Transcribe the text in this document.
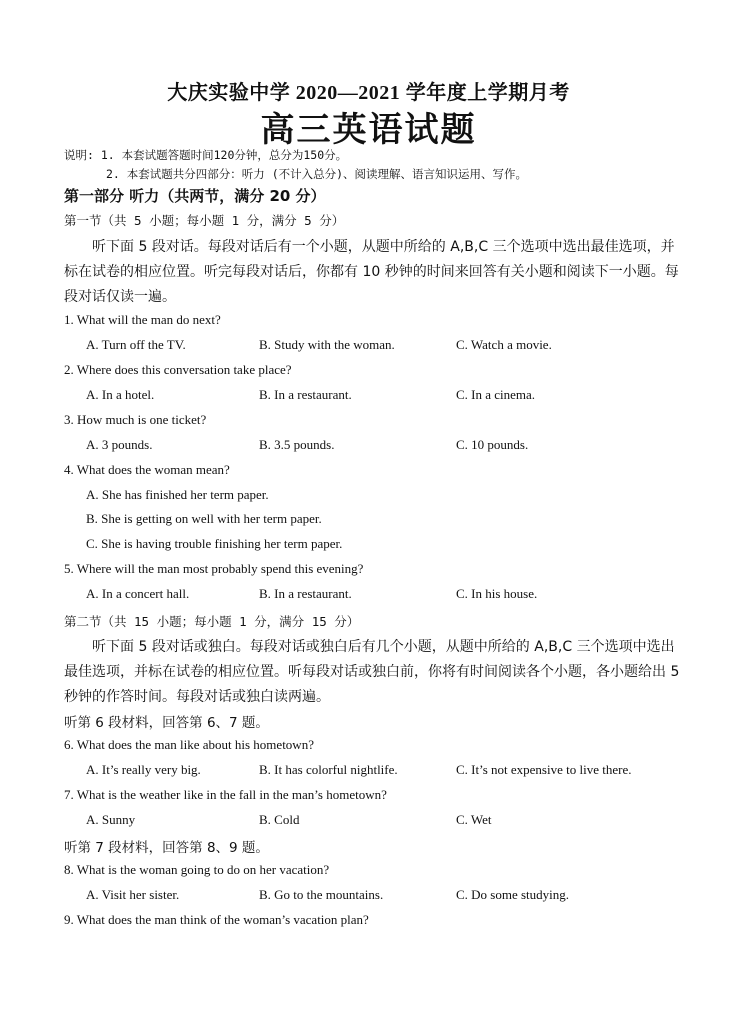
大庆实验中学 2020—2021 学年度上学期月考
高三英语试题
说明: 1. 本套试题答题时间120分钟，总分为150分。
2. 本套试题共分四部分：听力 (不计入总分)、阅读理解、语言知识运用、写作。
第一部分 听力（共两节，满分 20 分）
第一节（共 5 小题；每小题 1 分，满分 5 分）
听下面 5 段对话。每段对话后有一个小题，从题中所给的 A,B,C 三个选项中选出最佳选项，并
标在试卷的相应位置。听完每段对话后，你都有 10 秒钟的时间来回答有关小题和阅读下一小题。每
段对话仅读一遍。
1. What will the man do next?
A. Turn off the TV.	B. Study with the woman.	C. Watch a movie.
2. Where does this conversation take place?
A. In a hotel.	B. In a restaurant.	C. In a cinema.
3. How much is one ticket?
A. 3 pounds.	B. 3.5 pounds.	C. 10 pounds.
4. What does the woman mean?
A. She has finished her term paper.
B. She is getting on well with her term paper.
C. She is having trouble finishing her term paper.
5. Where will the man most probably spend this evening?
A. In a concert hall.	B. In a restaurant.	C. In his house.
第二节（共 15 小题；每小题 1 分，满分 15 分）
听下面 5 段对话或独白。每段对话或独白后有几个小题，从题中所给的 A,B,C 三个选项中选出
最佳选项，并标在试卷的相应位置。听每段对话或独白前，你将有时间阅读各个小题，各小题给出 5
秒钟的作答时间。每段对话或独白读两遍。
听第 6 段材料，回答第 6、7 题。
6. What does the man like about his hometown?
A. It’s really very big.	B. It has colorful nightlife.	C. It’s not expensive to live there.
7. What is the weather like in the fall in the man’s hometown?
A. Sunny	B. Cold	C. Wet
听第 7 段材料，回答第 8、9 题。
8. What is the woman going to do on her vacation?
A. Visit her sister.	B. Go to the mountains.	C. Do some studying.
9. What does the man think of the woman’s vacation plan?
